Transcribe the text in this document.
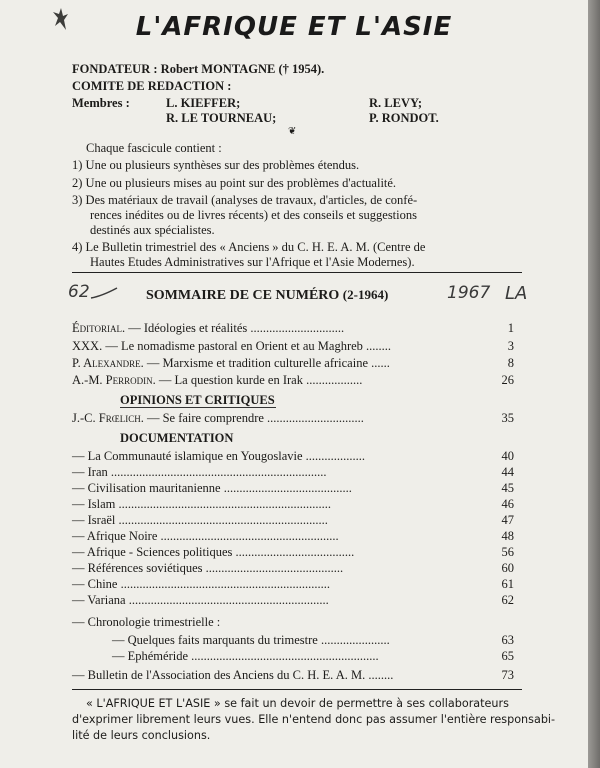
L'AFRIQUE ET L'ASIE
FONDATEUR : Robert MONTAGNE († 1954).
COMITE DE REDACTION :
Membres :	L. KIEFFER;	R. LEVY;
R. LE TOURNEAU;	P. RONDOT.
❦
Chaque fascicule contient :
1) Une ou plusieurs synthèses sur des problèmes étendus.
2) Une ou plusieurs mises au point sur des problèmes d'actualité.
3) Des matériaux de travail (analyses de travaux, d'articles, de confé-
rences inédites ou de livres récents) et des conseils et suggestions
destinés aux spécialistes.
4) Le Bulletin trimestriel des « Anciens » du C. H. E. A. M. (Centre de
Hautes Etudes Administratives sur l'Afrique et l'Asie Modernes).
62	SOMMAIRE DE CE NUMÉRO (2-1964)	1967 LA
Éditorial. — Idéologies et réalités ..............................	1
XXX. — Le nomadisme pastoral en Orient et au Maghreb ........	3
P. Alexandre. — Marxisme et tradition culturelle africaine ......	8
A.-M. Perrodin. — La question kurde en Irak ..................	26
OPINIONS ET CRITIQUES
J.-C. Frœlich. — Se faire comprendre ...............................	35
DOCUMENTATION
— La Communauté islamique en Yougoslavie ...................	40
— Iran .....................................................................	44
— Civilisation mauritanienne .........................................	45
— Islam ....................................................................	46
— Israël ...................................................................	47
— Afrique Noire .........................................................	48
— Afrique - Sciences politiques ......................................	56
— Références soviétiques ............................................	60
— Chine ...................................................................	61
— Variana ................................................................	62
— Chronologie trimestrielle :
— Quelques faits marquants du trimestre ......................	63
— Ephéméride ............................................................	65
— Bulletin de l'Association des Anciens du C. H. E. A. M. ........	73
« L'AFRIQUE ET L'ASIE » se fait un devoir de permettre à ses collaborateurs
d'exprimer librement leurs vues. Elle n'entend donc pas assumer l'entière responsabi-
lité de leurs conclusions.
